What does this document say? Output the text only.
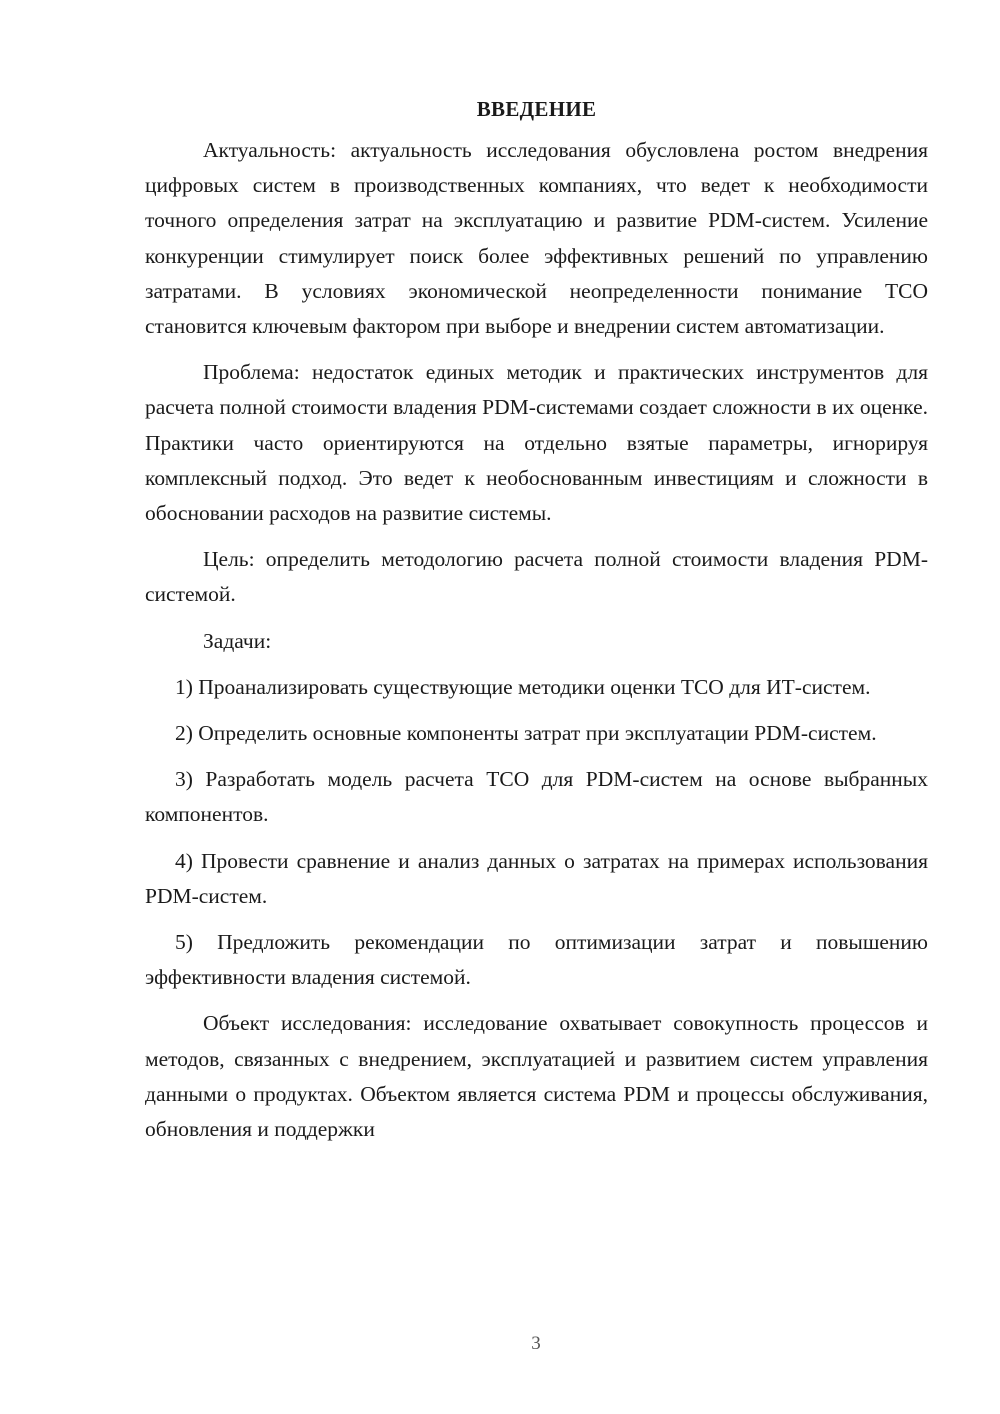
ВВЕДЕНИЕ

Актуальность: актуальность исследования обусловлена ростом внедрения цифровых систем в производственных компаниях, что ведет к необходимости точного определения затрат на эксплуатацию и развитие PDM-систем. Усиление конкуренции стимулирует поиск более эффективных решений по управлению затратами. В условиях экономической неопределенности понимание TCO становится ключевым фактором при выборе и внедрении систем автоматизации.

Проблема: недостаток единых методик и практических инструментов для расчета полной стоимости владения PDM-системами создает сложности в их оценке. Практики часто ориентируются на отдельно взятые параметры, игнорируя комплексный подход. Это ведет к необоснованным инвестициям и сложности в обосновании расходов на развитие системы.

Цель: определить методологию расчета полной стоимости владения PDM-системой.

Задачи:

1) Проанализировать существующие методики оценки TCO для ИТ-систем.

2) Определить основные компоненты затрат при эксплуатации PDM-систем.

3) Разработать модель расчета TCO для PDM-систем на основе выбранных компонентов.

4) Провести сравнение и анализ данных о затратах на примерах использования PDM-систем.

5) Предложить рекомендации по оптимизации затрат и повышению эффективности владения системой.

Объект исследования: исследование охватывает совокупность процессов и методов, связанных с внедрением, эксплуатацией и развитием систем управления данными о продуктах. Объектом является система PDM и процессы обслуживания, обновления и поддержки

3
